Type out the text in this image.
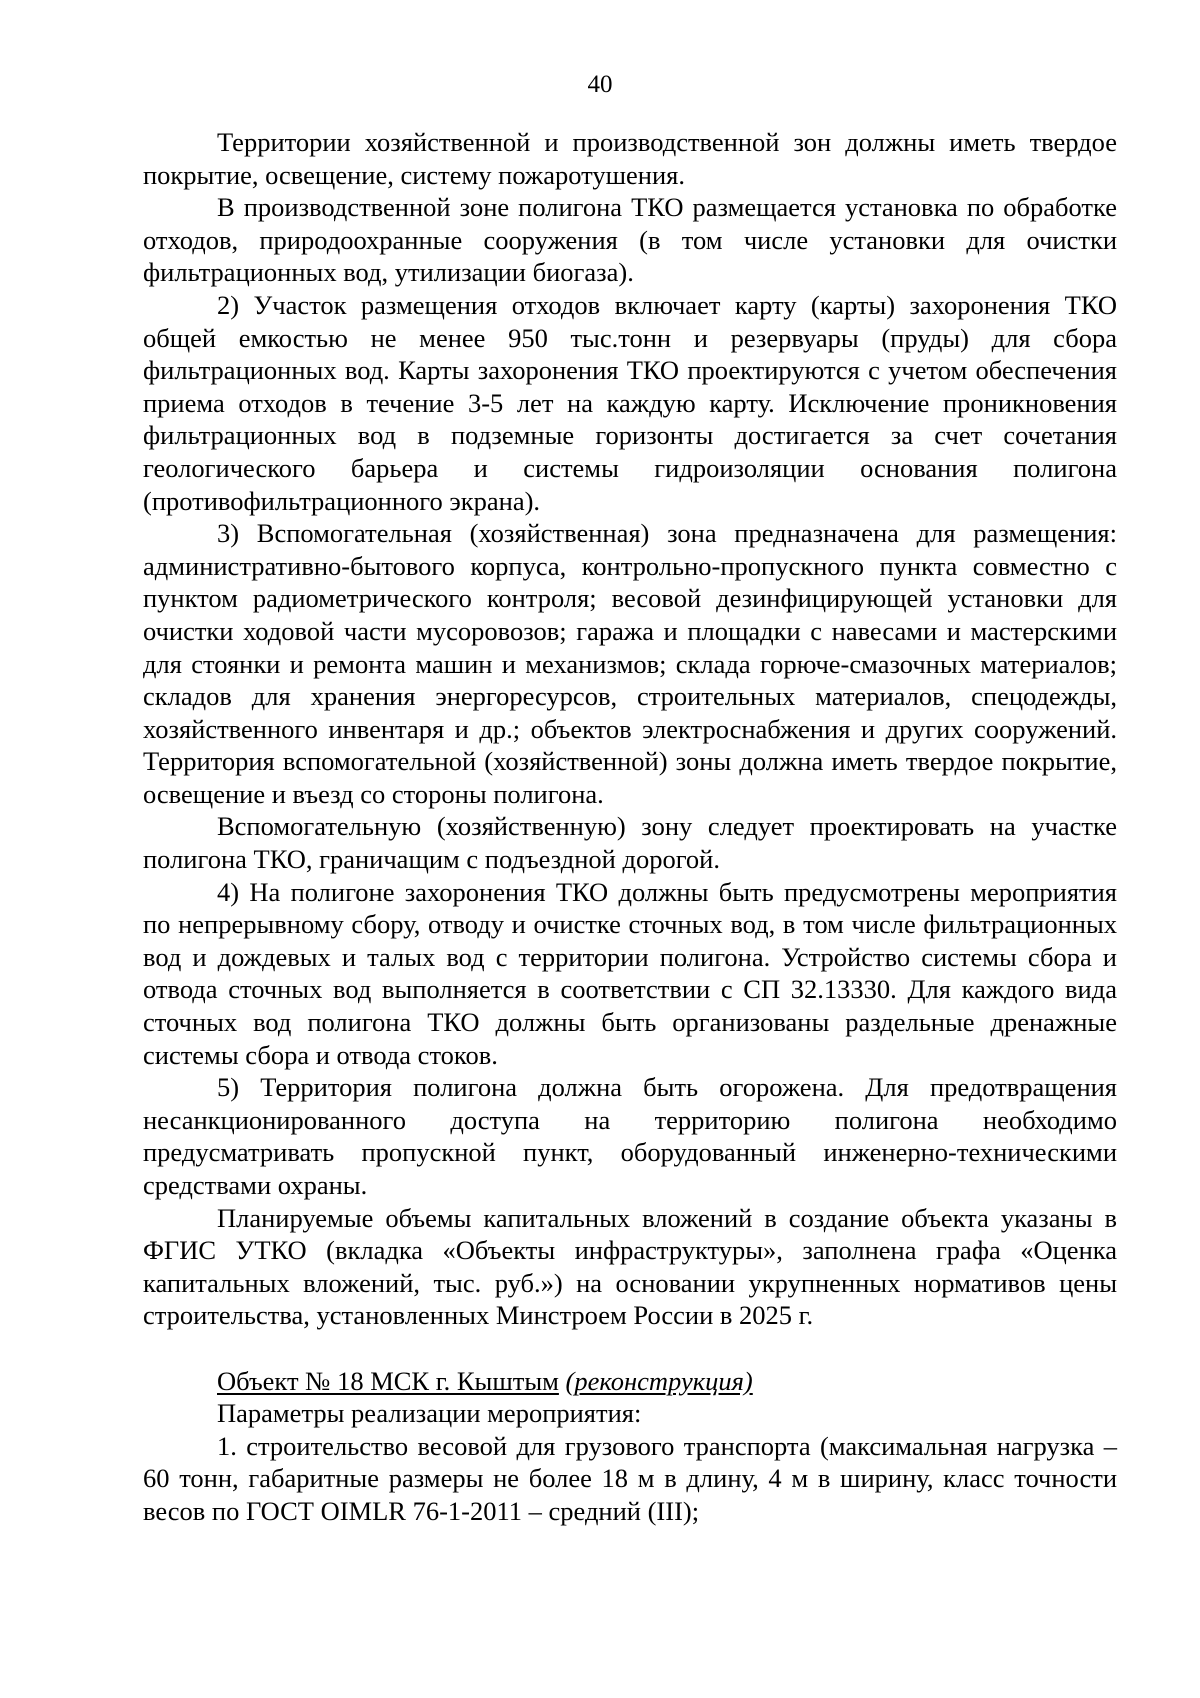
40

Территории хозяйственной и производственной зон должны иметь твердое покрытие, освещение, систему пожаротушения.

В производственной зоне полигона ТКО размещается установка по обработке отходов, природоохранные сооружения (в том числе установки для очистки фильтрационных вод, утилизации биогаза).

2) Участок размещения отходов включает карту (карты) захоронения ТКО общей емкостью не менее 950 тыс.тонн и резервуары (пруды) для сбора фильтрационных вод. Карты захоронения ТКО проектируются с учетом обеспечения приема отходов в течение 3-5 лет на каждую карту. Исключение проникновения фильтрационных вод в подземные горизонты достигается за счет сочетания геологического барьера и системы гидроизоляции основания полигона (противофильтрационного экрана).

3) Вспомогательная (хозяйственная) зона предназначена для размещения: административно-бытового корпуса, контрольно-пропускного пункта совместно с пунктом радиометрического контроля; весовой дезинфицирующей установки для очистки ходовой части мусоровозов; гаража и площадки с навесами и мастерскими для стоянки и ремонта машин и механизмов; склада горюче-смазочных материалов; складов для хранения энергоресурсов, строительных материалов, спецодежды, хозяйственного инвентаря и др.; объектов электроснабжения и других сооружений. Территория вспомогательной (хозяйственной) зоны должна иметь твердое покрытие, освещение и въезд со стороны полигона.

Вспомогательную (хозяйственную) зону следует проектировать на участке полигона ТКО, граничащим с подъездной дорогой.

4) На полигоне захоронения ТКО должны быть предусмотрены мероприятия по непрерывному сбору, отводу и очистке сточных вод, в том числе фильтрационных вод и дождевых и талых вод с территории полигона. Устройство системы сбора и отвода сточных вод выполняется в соответствии с СП 32.13330. Для каждого вида сточных вод полигона ТКО должны быть организованы раздельные дренажные системы сбора и отвода стоков.

5) Территория полигона должна быть огорожена. Для предотвращения несанкционированного доступа на территорию полигона необходимо предусматривать пропускной пункт, оборудованный инженерно-техническими средствами охраны.

Планируемые объемы капитальных вложений в создание объекта указаны в ФГИС УТКО (вкладка «Объекты инфраструктуры», заполнена графа «Оценка капитальных вложений, тыс. руб.») на основании укрупненных нормативов цены строительства, установленных Минстроем России в 2025 г.

Объект № 18 МСК г. Кыштым (реконструкция)

Параметры реализации мероприятия:

1. строительство весовой для грузового транспорта (максимальная нагрузка – 60 тонн, габаритные размеры не более 18 м в длину, 4 м в ширину, класс точности весов по ГОСТ OIMLR 76-1-2011 – средний (III);
